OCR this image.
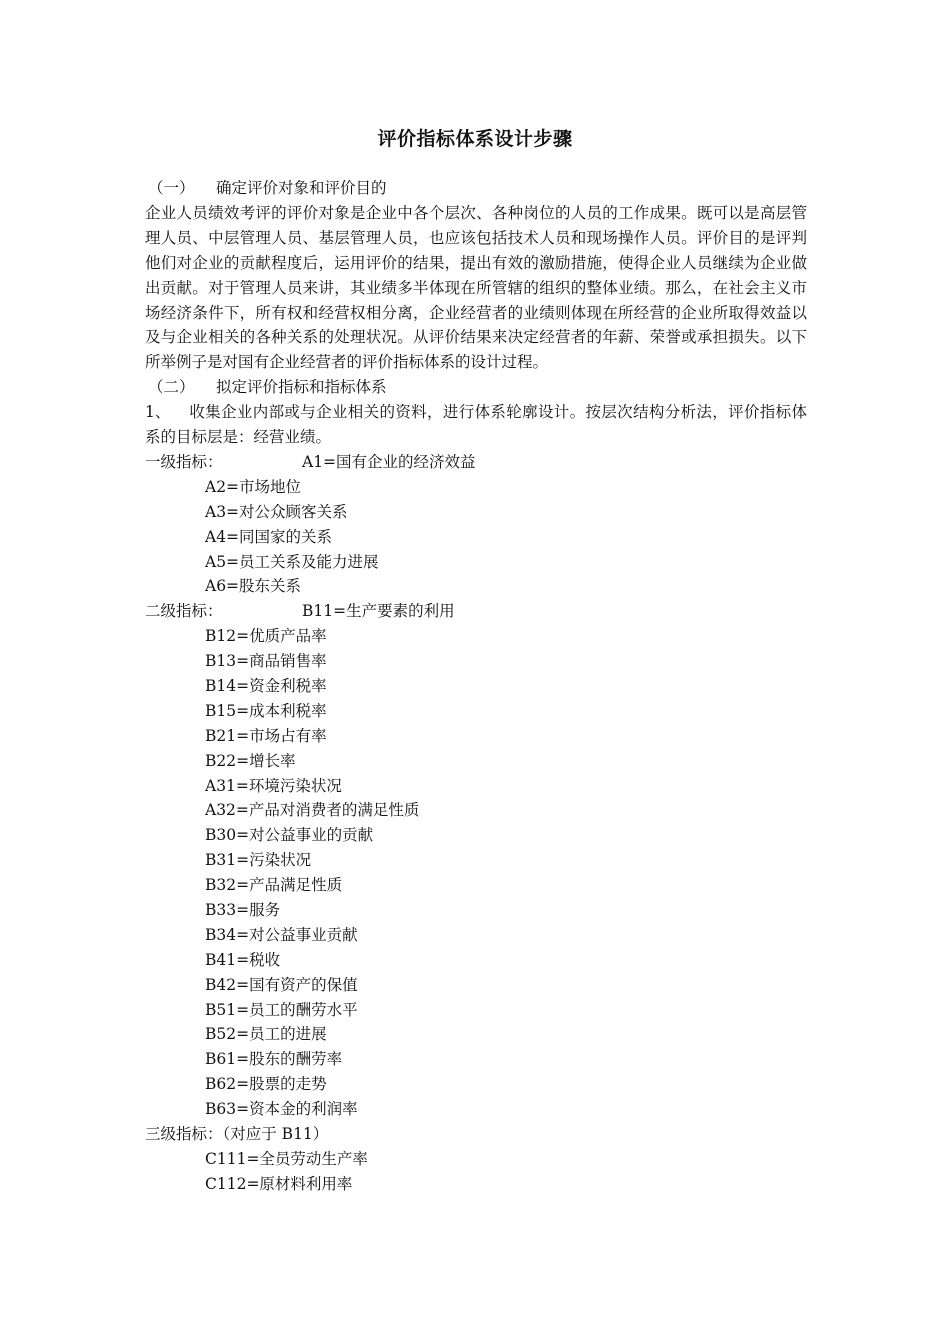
评价指标体系设计步骤
（一） 确定评价对象和评价目的
企业人员绩效考评的评价对象是企业中各个层次、各种岗位的人员的工作成果。既可以是高层管理人员、中层管理人员、基层管理人员，也应该包括技术人员和现场操作人员。评价目的是评判他们对企业的贡献程度后，运用评价的结果，提出有效的激励措施，使得企业人员继续为企业做出贡献。对于管理人员来讲，其业绩多半体现在所管辖的组织的整体业绩。那么，在社会主义市场经济条件下，所有权和经营权相分离，企业经营者的业绩则体现在所经营的企业所取得效益以及与企业相关的各种关系的处理状况。从评价结果来决定经营者的年薪、荣誉或承担损失。以下所举例子是对国有企业经营者的评价指标体系的设计过程。
（二） 拟定评价指标和指标体系
1、 收集企业内部或与企业相关的资料，进行体系轮廓设计。按层次结构分析法，评价指标体系的目标层是：经营业绩。
一级指标：	A1=国有企业的经济效益
A2=市场地位
A3=对公众顾客关系
A4=同国家的关系
A5=员工关系及能力进展
A6=股东关系
二级指标：	B11=生产要素的利用
B12=优质产品率
B13=商品销售率
B14=资金利税率
B15=成本利税率
B21=市场占有率
B22=增长率
A31=环境污染状况
A32=产品对消费者的满足性质
B30=对公益事业的贡献
B31=污染状况
B32=产品满足性质
B33=服务
B34=对公益事业贡献
B41=税收
B42=国有资产的保值
B51=员工的酬劳水平
B52=员工的进展
B61=股东的酬劳率
B62=股票的走势
B63=资本金的利润率
三级指标：（对应于 B11）
C111=全员劳动生产率
C112=原材料利用率
